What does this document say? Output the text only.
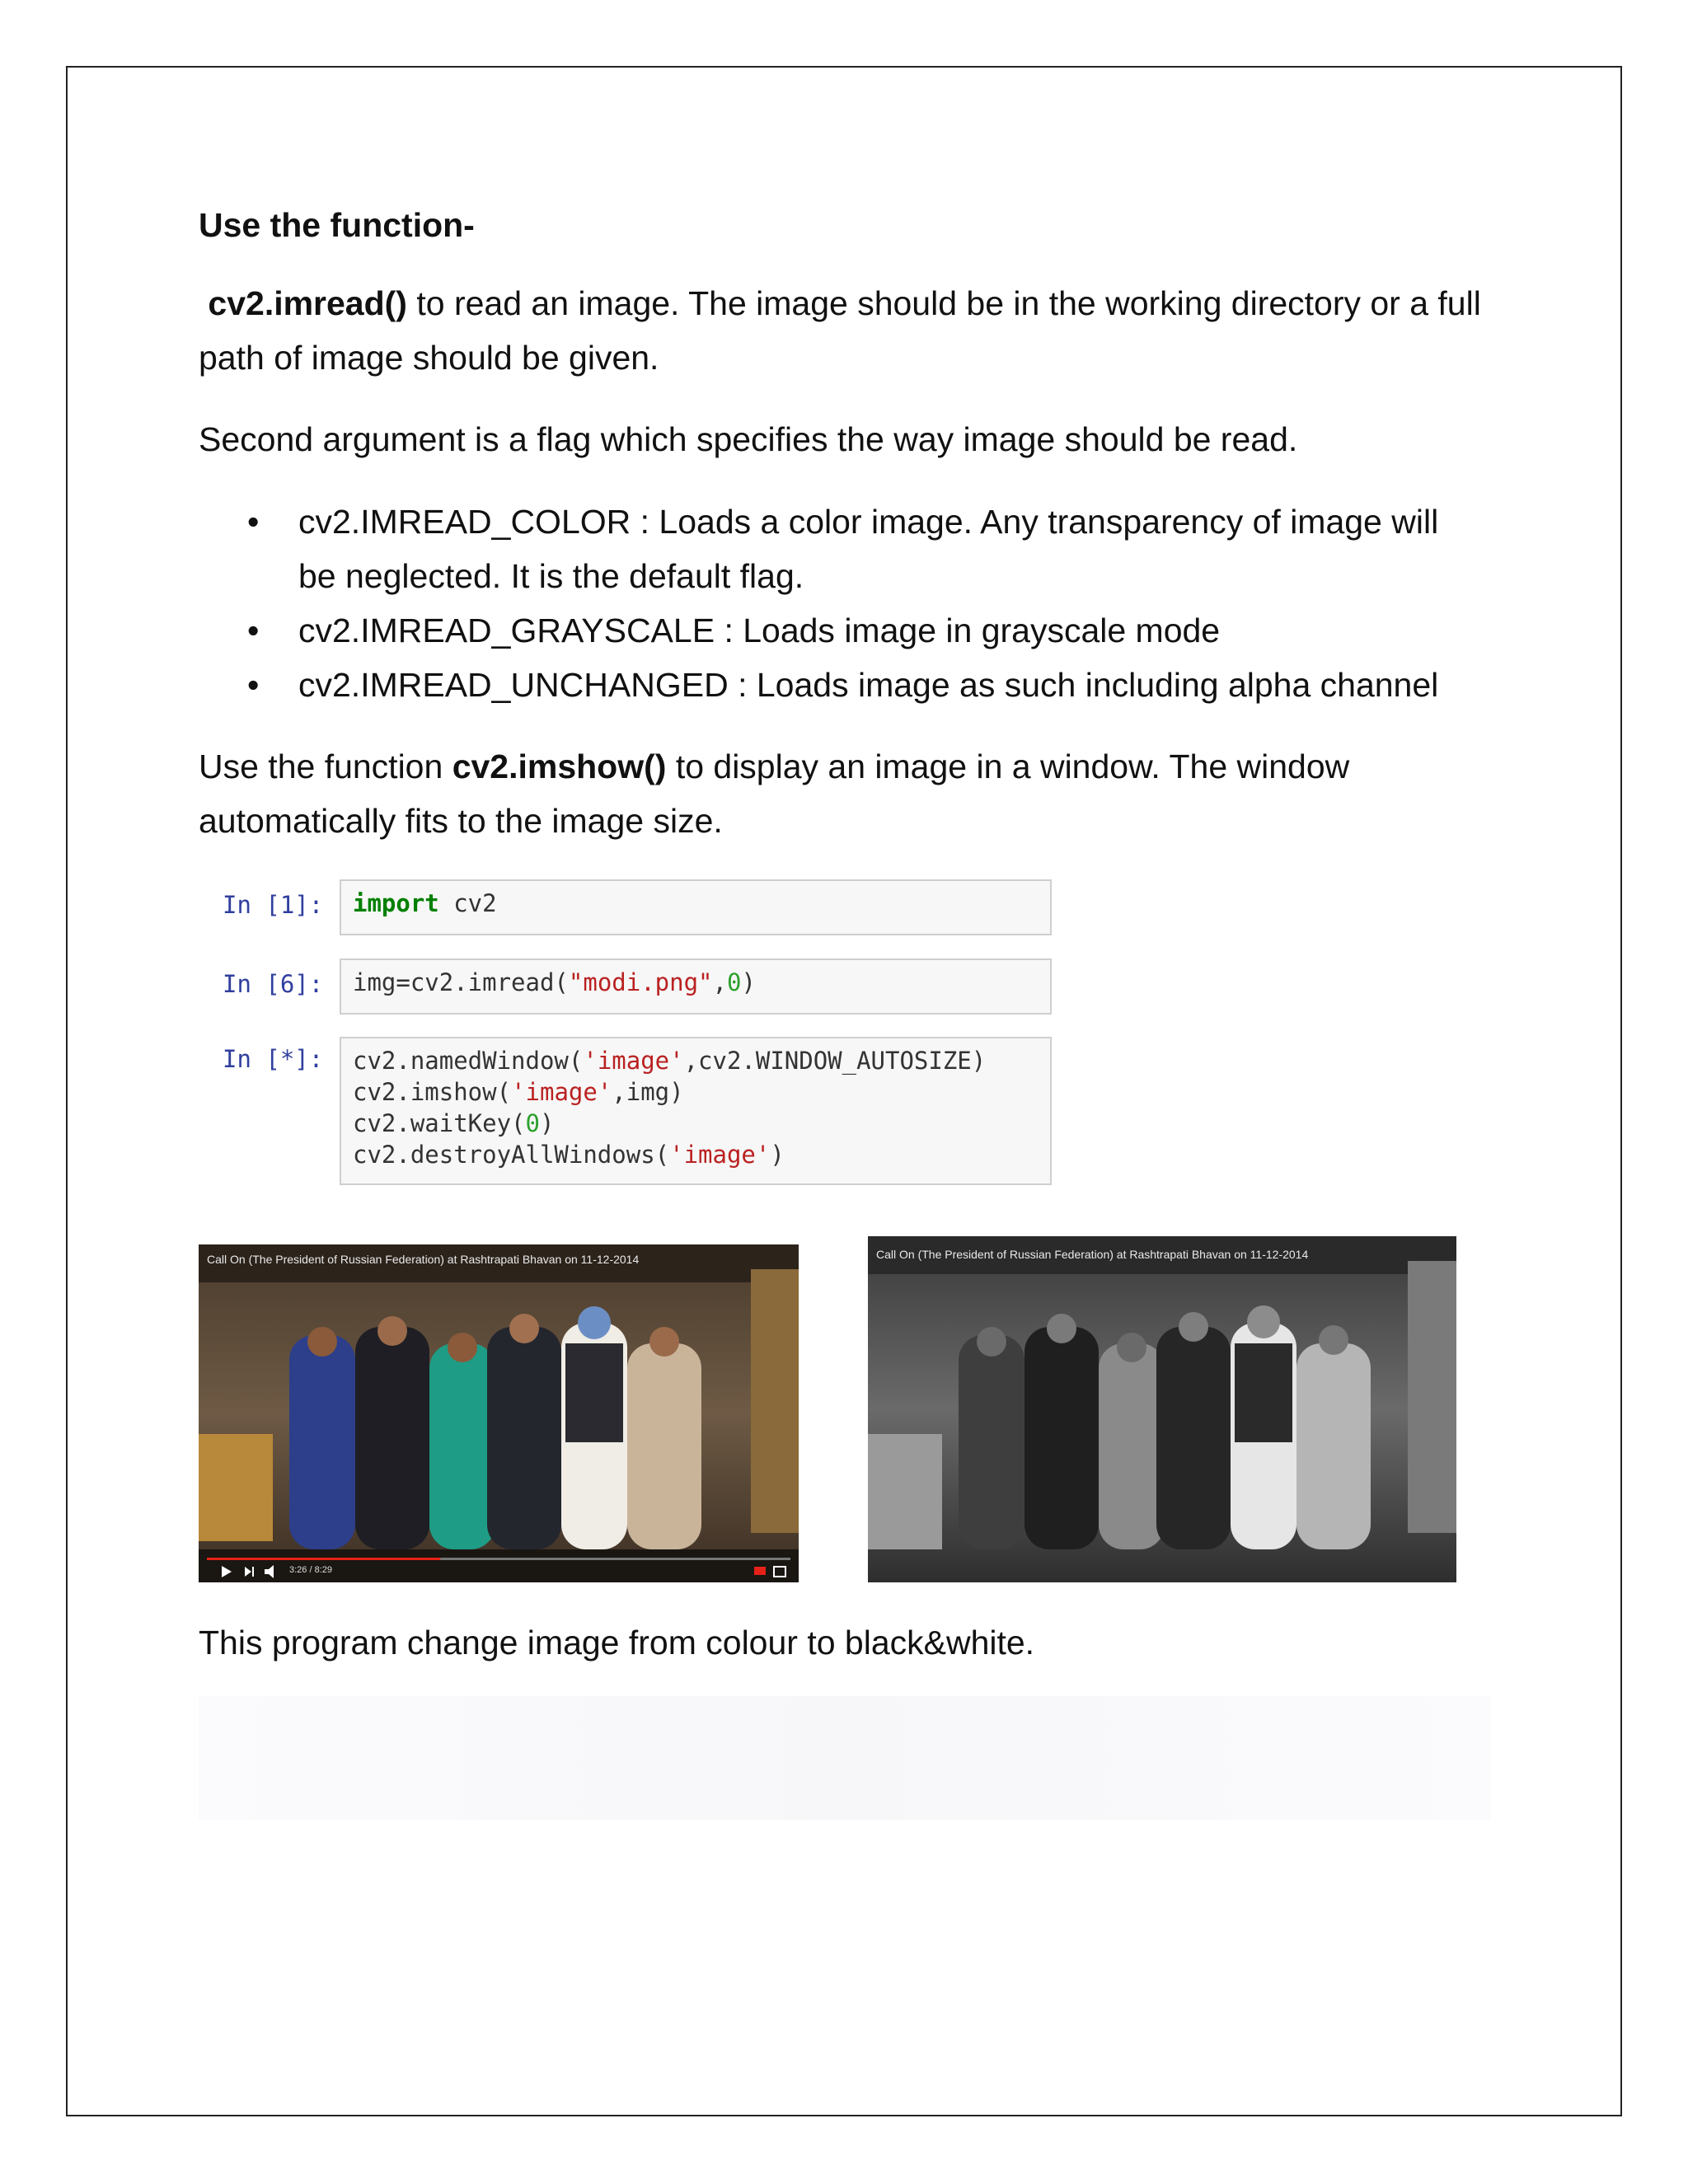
Use the function-
cv2.imread() to read an image. The image should be in the working directory or a full path of image should be given.
Second argument is a flag which specifies the way image should be read.
• cv2.IMREAD_COLOR : Loads a color image. Any transparency of image will be neglected. It is the default flag.
• cv2.IMREAD_GRAYSCALE : Loads image in grayscale mode
• cv2.IMREAD_UNCHANGED : Loads image as such including alpha channel
Use the function cv2.imshow() to display an image in a window. The window automatically fits to the image size.
In [1]:	import cv2
In [6]:	img=cv2.imread("modi.png",0)
In [*]:	cv2.namedWindow('image',cv2.WINDOW_AUTOSIZE)
cv2.imshow('image',img)
cv2.waitKey(0)
cv2.destroyAllWindows('image')
Call On (The President of Russian Federation) at Rashtrapati Bhavan on 11-12-2014
3:26 / 8:29
Call On (The President of Russian Federation) at Rashtrapati Bhavan on 11-12-2014
This program change image from colour to black&white.
